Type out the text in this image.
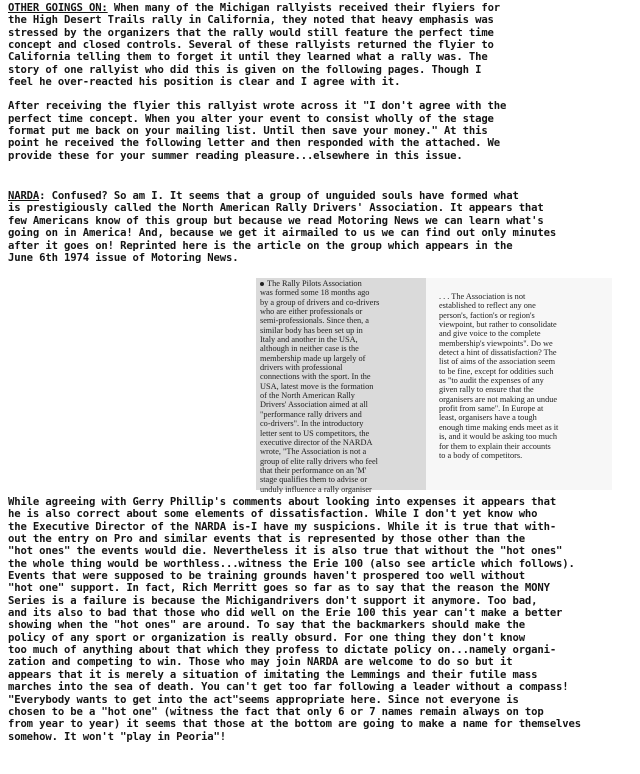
OTHER GOINGS ON: When many of the Michigan rallyists received their flyiers for
the High Desert Trails rally in California, they noted that heavy emphasis was
stressed by the organizers that the rally would still feature the perfect time
concept and closed controls. Several of these rallyists returned the flyier to
California telling them to forget it until they learned what a rally was. The
story of one rallyist who did this is given on the following pages. Though I
feel he over-reacted his position is clear and I agree with it.
After receiving the flyier this rallyist wrote across it "I don't agree with the
perfect time concept. When you alter your event to consist wholly of the stage
format put me back on your mailing list. Until then save your money." At this
point he received the following letter and then responded with the attached. We
provide these for your summer reading pleasure...elsewhere in this issue.
NARDA: Confused? So am I. It seems that a group of unguided souls have formed what
is prestigiously called the North American Rally Drivers' Association. It appears that
few Americans know of this group but because we read Motoring News we can learn what's
going on in America! And, because we get it airmailed to us we can find out only minutes
after it goes on! Reprinted here is the article on the group which appears in the
June 6th 1974 issue of Motoring News.
The Rally Pilots Association
was formed some 18 months ago
by a group of drivers and co-drivers
who are either professionals or
semi-professionals. Since then, a
similar body has been set up in
Italy and another in the USA,
although in neither case is the
membership made up largely of
drivers with professional
connections with the sport. In the
USA, latest move is the formation
of the North American Rally
Drivers' Association aimed at all
"performance rally drivers and
co-drivers". In the introductory
letter sent to US competitors, the
executive director of the NARDA
wrote, "The Association is not a
group of elite rally drivers who feel
that their performance on an 'M'
stage qualifies them to advise or
unduly influence a rally organiser
. . . The Association is not
established to reflect any one
person's, faction's or region's
viewpoint, but rather to consolidate
and give voice to the complete
membership's viewpoints". Do we
detect a hint of dissatisfaction? The
list of aims of the association seem
to be fine, except for oddities such
as "to audit the expenses of any
given rally to ensure that the
organisers are not making an undue
profit from same". In Europe at
least, organisers have a tough
enough time making ends meet as it
is, and it would be asking too much
for them to explain their accounts
to a body of competitors.
While agreeing with Gerry Phillip's comments about looking into expenses it appears that
he is also correct about some elements of dissatisfaction. While I don't yet know who
the Executive Director of the NARDA is-I have my suspicions. While it is true that with-
out the entry on Pro and similar events that is represented by those other than the
"hot ones" the events would die. Nevertheless it is also true that without the "hot ones"
the whole thing would be worthless...witness the Erie 100 (also see article which follows).
Events that were supposed to be training grounds haven't prospered too well without
"hot one" support. In fact, Rich Merritt goes so far as to say that the reason the MONY
Series is a failure is because the Michigandrivers don't support it anymore. Too bad,
and its also to bad that those who did well on the Erie 100 this year can't make a better
showing when the "hot ones" are around. To say that the backmarkers should make the
policy of any sport or organization is really obsurd. For one thing they don't know
too much of anything about that which they profess to dictate policy on...namely organi-
zation and competing to win. Those who may join NARDA are welcome to do so but it
appears that it is merely a situation of imitating the Lemmings and their futile mass
marches into the sea of death. You can't get too far following a leader without a compass!
"Everybody wants to get into the act"seems appropriate here. Since not everyone is
chosen to be a "hot one" (witness the fact that only 6 or 7 names remain always on top
from year to year) it seems that those at the bottom are going to make a name for themselves
somehow. It won't "play in Peoria"!
